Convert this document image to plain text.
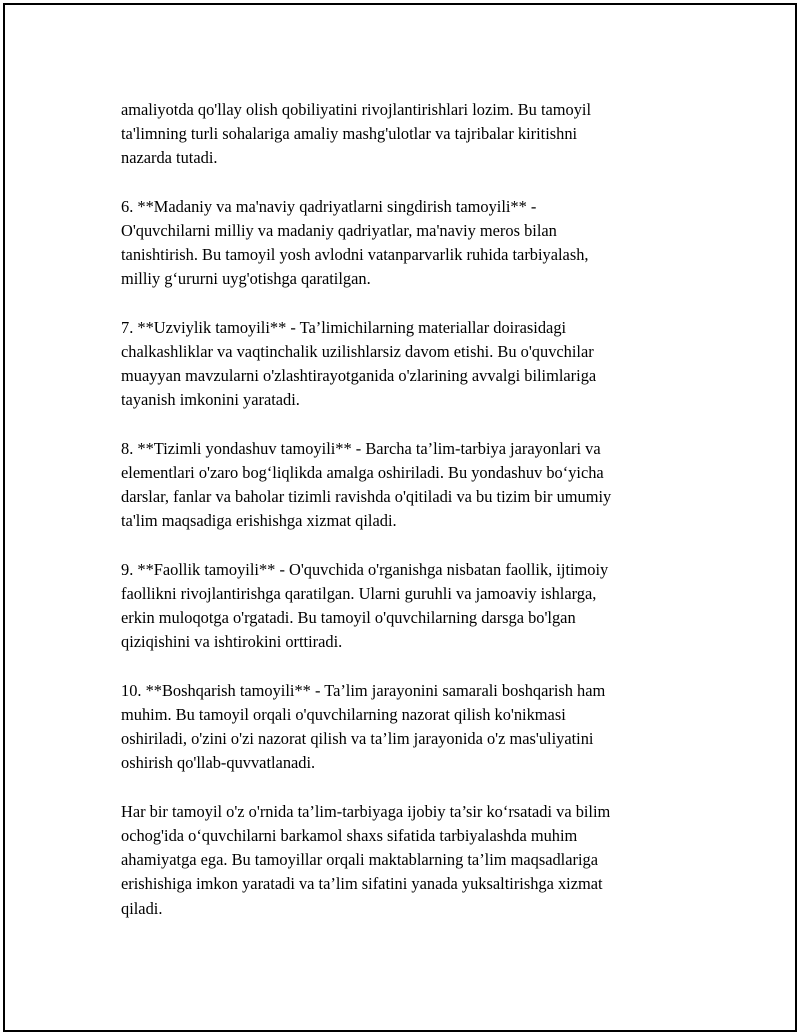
amaliyotda qo'llay olish qobiliyatini rivojlantirishlari lozim. Bu tamoyil
ta'limning turli sohalariga amaliy mashg'ulotlar va tajribalar kiritishni
nazarda tutadi.

6. **Madaniy va ma'naviy qadriyatlarni singdirish tamoyili** -
O'quvchilarni milliy va madaniy qadriyatlar, ma'naviy meros bilan
tanishtirish. Bu tamoyil yosh avlodni vatanparvarlik ruhida tarbiyalash,
milliy g‘ururni uyg'otishga qaratilgan.

7. **Uzviylik tamoyili** - Ta’limichilarning materiallar doirasidagi
chalkashliklar va vaqtinchalik uzilishlarsiz davom etishi. Bu o'quvchilar
muayyan mavzularni o'zlashtirayotganida o'zlarining avvalgi bilimlariga
tayanish imkonini yaratadi.

8. **Tizimli yondashuv tamoyili** - Barcha ta’lim-tarbiya jarayonlari va
elementlari o'zaro bog‘liqlikda amalga oshiriladi. Bu yondashuv bo‘yicha
darslar, fanlar va baholar tizimli ravishda o'qitiladi va bu tizim bir umumiy
ta'lim maqsadiga erishishga xizmat qiladi.

9. **Faollik tamoyili** - O'quvchida o'rganishga nisbatan faollik, ijtimoiy
faollikni rivojlantirishga qaratilgan. Ularni guruhli va jamoaviy ishlarga,
erkin muloqotga o'rgatadi. Bu tamoyil o'quvchilarning darsga bo'lgan
qiziqishini va ishtirokini orttiradi.

10. **Boshqarish tamoyili** - Ta’lim jarayonini samarali boshqarish ham
muhim. Bu tamoyil orqali o'quvchilarning nazorat qilish ko'nikmasi
oshiriladi, o'zini o'zi nazorat qilish va ta’lim jarayonida o'z mas'uliyatini
oshirish qo'llab-quvvatlanadi.

Har bir tamoyil o'z o'rnida ta’lim-tarbiyaga ijobiy ta’sir ko‘rsatadi va bilim
ochog'ida o‘quvchilarni barkamol shaxs sifatida tarbiyalashda muhim
ahamiyatga ega. Bu tamoyillar orqali maktablarning ta’lim maqsadlariga
erishishiga imkon yaratadi va ta’lim sifatini yanada yuksaltirishga xizmat
qiladi.
